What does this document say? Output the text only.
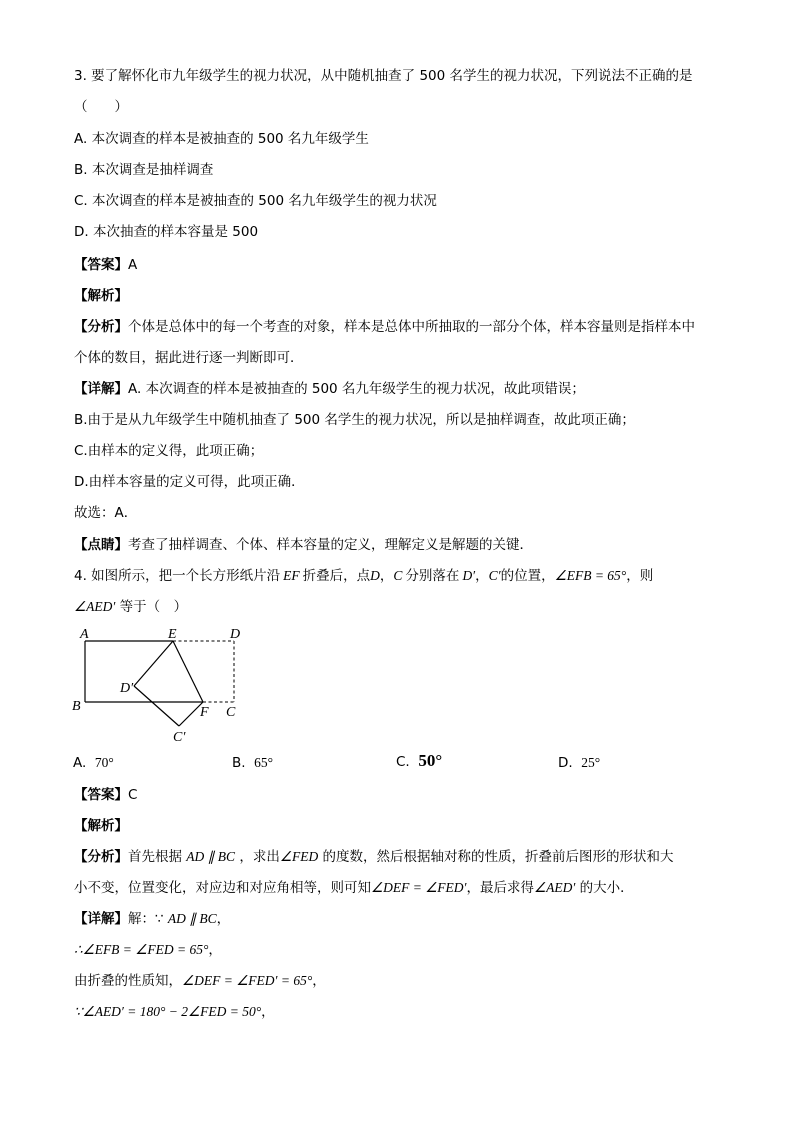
3. 要了解怀化市九年级学生的视力状况，从中随机抽查了 500 名学生的视力状况，下列说法不正确的是
（　　）
A. 本次调查的样本是被抽查的 500 名九年级学生
B. 本次调查是抽样调查
C. 本次调查的样本是被抽查的 500 名九年级学生的视力状况
D. 本次抽查的样本容量是 500
【答案】A
【解析】
【分析】个体是总体中的每一个考查的对象，样本是总体中所抽取的一部分个体，样本容量则是指样本中
个体的数目，据此进行逐一判断即可．
【详解】A. 本次调查的样本是被抽查的 500 名九年级学生的视力状况，故此项错误；
B.由于是从九年级学生中随机抽查了 500 名学生的视力状况，所以是抽样调查，故此项正确；
C.由样本的定义得，此项正确；
D.由样本容量的定义可得，此项正确．
故选：A．
【点睛】考查了抽样调查、个体、样本容量的定义，理解定义是解题的关键．
4. 如图所示，把一个长方形纸片沿 EF 折叠后，点D，C 分别落在 D′，C′的位置，∠EFB = 65°，则
∠AED′ 等于（　）
A	E	D
B	F C
D′
C′
A. 70°	B. 65°	C. 50°	D. 25°
【答案】C
【解析】
【分析】首先根据 AD ∥ BC ，求出∠FED 的度数，然后根据轴对称的性质，折叠前后图形的形状和大
小不变，位置变化，对应边和对应角相等，则可知∠DEF = ∠FED′，最后求得∠AED′ 的大小．
【详解】解：∵ AD ∥ BC，
∴∠EFB = ∠FED = 65°，
由折叠的性质知，∠DEF = ∠FED′ = 65°，
∵∠AED′ = 180° − 2∠FED = 50°，
